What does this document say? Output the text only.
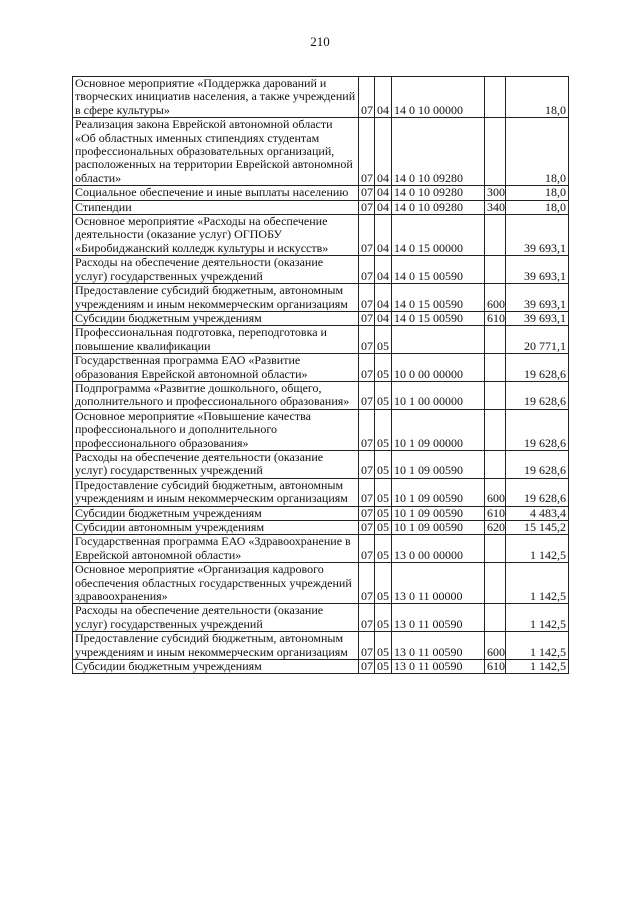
210
Основное мероприятие «Поддержка дарований и творческих инициатив населения, а также учреждений в сфере культуры»	07	04	14 0 10 00000		18,0
Реализация закона Еврейской автономной области «Об областных именных стипендиях студентам профессиональных образовательных организаций, расположенных на территории Еврейской автономной области»	07	04	14 0 10 09280		18,0
Социальное обеспечение и иные выплаты населению	07	04	14 0 10 09280	300	18,0
Стипендии	07	04	14 0 10 09280	340	18,0
Основное мероприятие «Расходы на обеспечение деятельности (оказание услуг) ОГПОБУ «Биробиджанский колледж культуры и искусств»	07	04	14 0 15 00000		39 693,1
Расходы на обеспечение деятельности (оказание услуг) государственных учреждений	07	04	14 0 15 00590		39 693,1
Предоставление субсидий бюджетным, автономным учреждениям и иным некоммерческим организациям	07	04	14 0 15 00590	600	39 693,1
Субсидии бюджетным учреждениям	07	04	14 0 15 00590	610	39 693,1
Профессиональная подготовка, переподготовка и повышение квалификации	07	05			20 771,1
Государственная программа ЕАО «Развитие образования Еврейской автономной области»	07	05	10 0 00 00000		19 628,6
Подпрограмма «Развитие дошкольного, общего, дополнительного и профессионального образования»	07	05	10 1 00 00000		19 628,6
Основное мероприятие «Повышение качества профессионального и дополнительного профессионального образования»	07	05	10 1 09 00000		19 628,6
Расходы на обеспечение деятельности (оказание услуг) государственных учреждений	07	05	10 1 09 00590		19 628,6
Предоставление субсидий бюджетным, автономным учреждениям и иным некоммерческим организациям	07	05	10 1 09 00590	600	19 628,6
Субсидии бюджетным учреждениям	07	05	10 1 09 00590	610	4 483,4
Субсидии автономным учреждениям	07	05	10 1 09 00590	620	15 145,2
Государственная программа ЕАО «Здравоохранение в Еврейской автономной области»	07	05	13 0 00 00000		1 142,5
Основное мероприятие «Организация кадрового обеспечения областных государственных учреждений здравоохранения»	07	05	13 0 11 00000		1 142,5
Расходы на обеспечение деятельности (оказание услуг) государственных учреждений	07	05	13 0 11 00590		1 142,5
Предоставление субсидий бюджетным, автономным учреждениям и иным некоммерческим организациям	07	05	13 0 11 00590	600	1 142,5
Субсидии бюджетным учреждениям	07	05	13 0 11 00590	610	1 142,5
